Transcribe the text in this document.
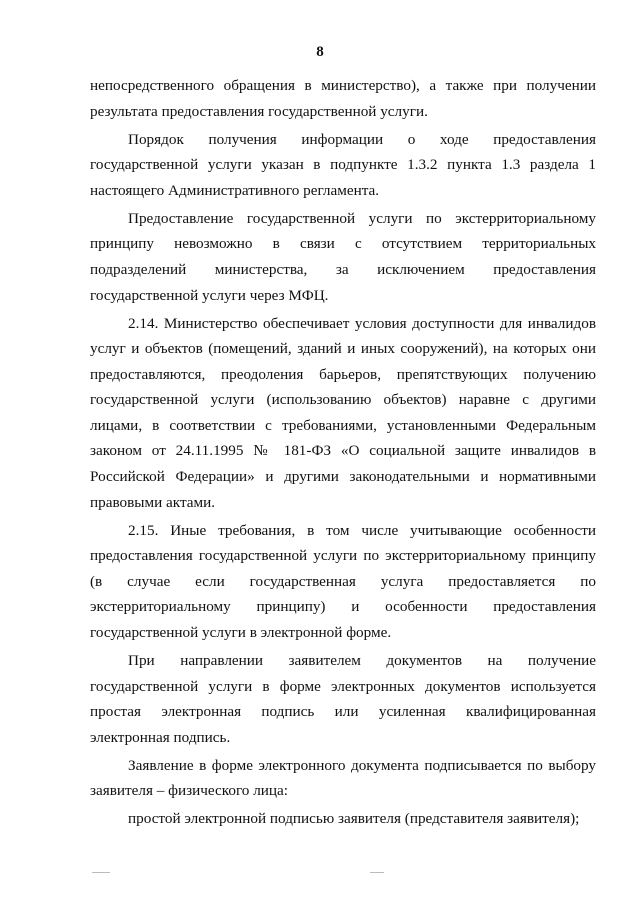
8

непосредственного обращения в министерство), а также при получении результата предоставления государственной услуги.

Порядок получения информации о ходе предоставления государственной услуги указан в подпункте 1.3.2 пункта 1.3 раздела 1 настоящего Административного регламента.

Предоставление государственной услуги по экстерриториальному принципу невозможно в связи с отсутствием территориальных подразделений министерства, за исключением предоставления государственной услуги через МФЦ.

2.14. Министерство обеспечивает условия доступности для инвалидов услуг и объектов (помещений, зданий и иных сооружений), на которых они предоставляются, преодоления барьеров, препятствующих получению государственной услуги (использованию объектов) наравне с другими лицами, в соответствии с требованиями, установленными Федеральным законом от 24.11.1995 № 181-ФЗ «О социальной защите инвалидов в Российской Федерации» и другими законодательными и нормативными правовыми актами.

2.15. Иные требования, в том числе учитывающие особенности предоставления государственной услуги по экстерриториальному принципу (в случае если государственная услуга предоставляется по экстерриториальному принципу) и особенности предоставления государственной услуги в электронной форме.

При направлении заявителем документов на получение государственной услуги в форме электронных документов используется простая электронная подпись или усиленная квалифицированная электронная подпись.

Заявление в форме электронного документа подписывается по выбору заявителя – физического лица:

простой электронной подписью заявителя (представителя заявителя);
